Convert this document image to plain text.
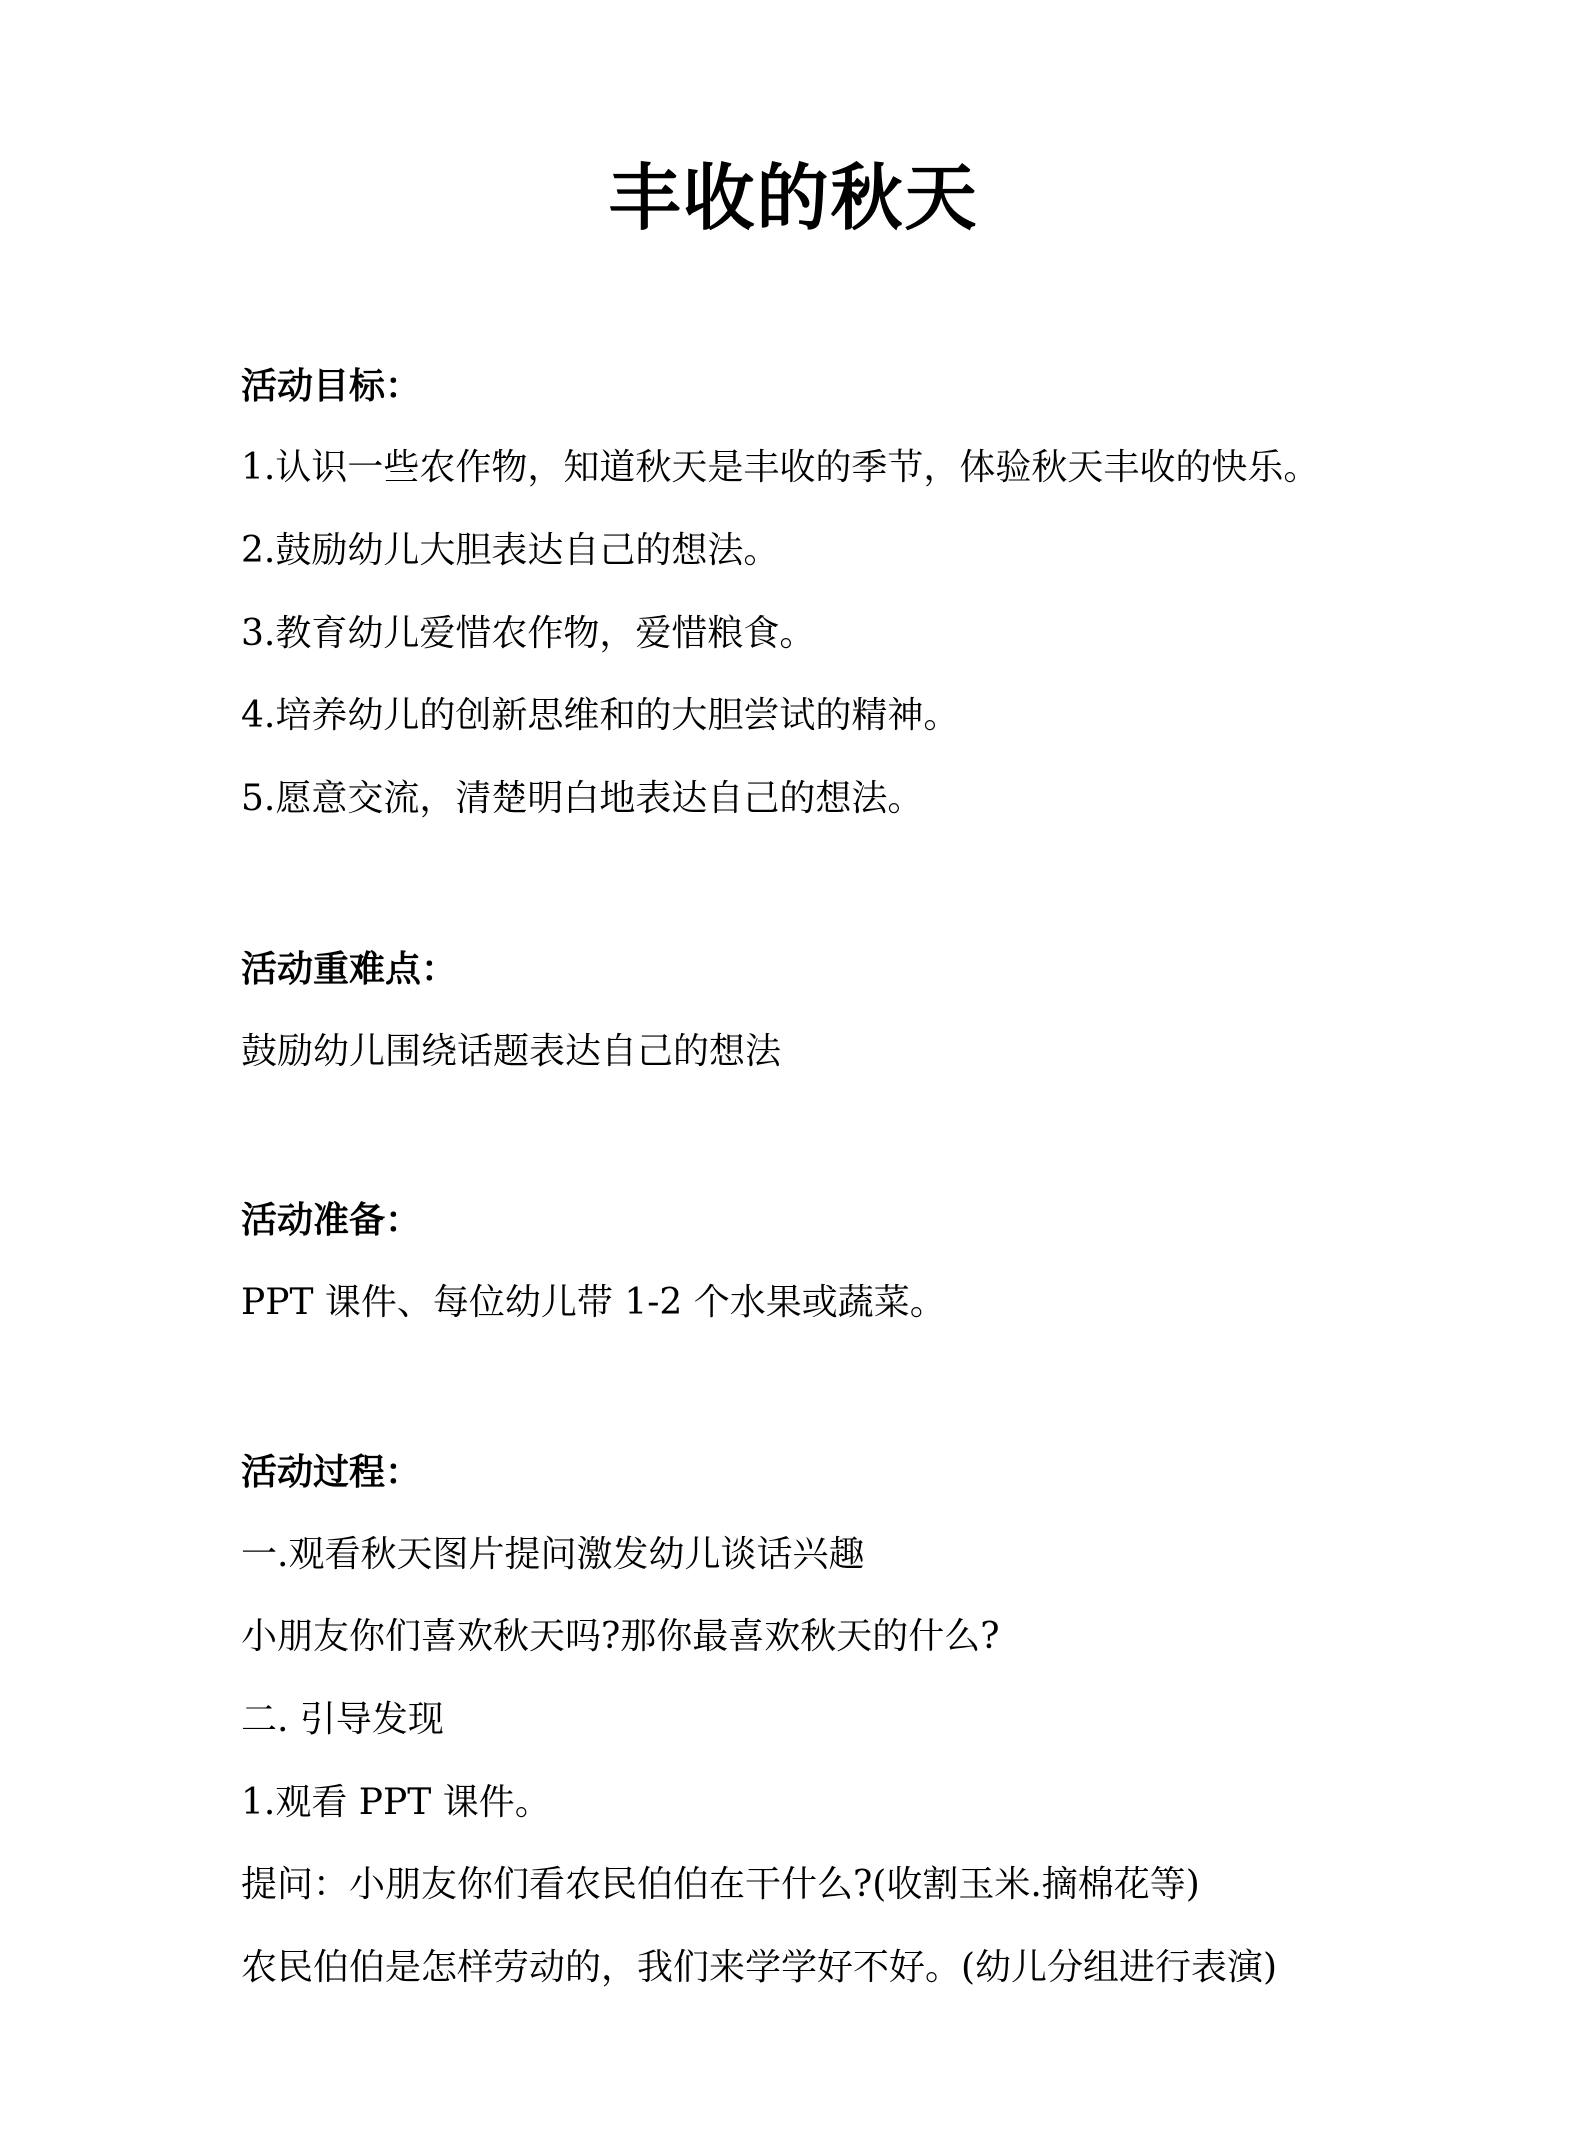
丰收的秋天
活动目标：
1.认识一些农作物，知道秋天是丰收的季节，体验秋天丰收的快乐。
2.鼓励幼儿大胆表达自己的想法。
3.教育幼儿爱惜农作物，爱惜粮食。
4.培养幼儿的创新思维和的大胆尝试的精神。
5.愿意交流，清楚明白地表达自己的想法。
活动重难点：
鼓励幼儿围绕话题表达自己的想法
活动准备：
PPT 课件、每位幼儿带 1-2 个水果或蔬菜。
活动过程：
一.观看秋天图片提问激发幼儿谈话兴趣
小朋友你们喜欢秋天吗?那你最喜欢秋天的什么?
二. 引导发现
1.观看 PPT 课件。
提问：小朋友你们看农民伯伯在干什么?(收割玉米.摘棉花等)
农民伯伯是怎样劳动的，我们来学学好不好。(幼儿分组进行表演)
